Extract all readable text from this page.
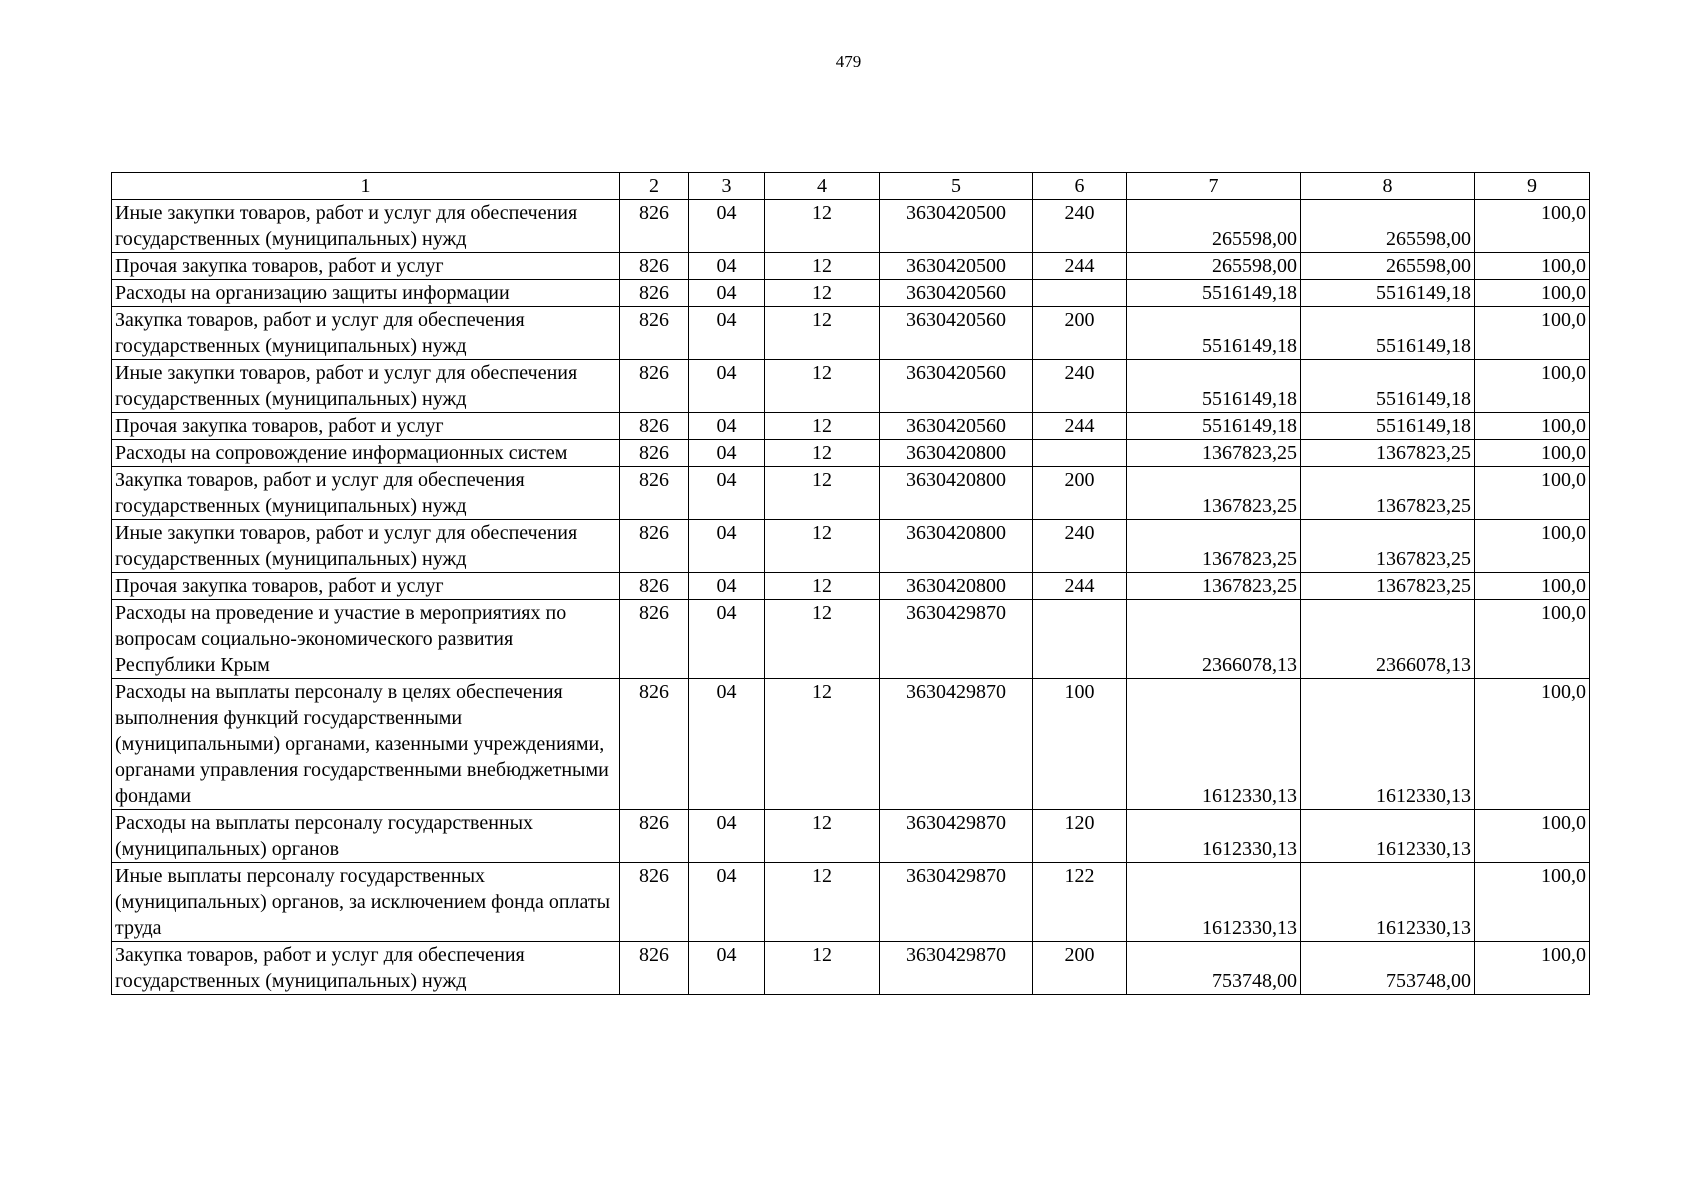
479
1	2	3	4	5	6	7	8	9
Иные закупки товаров, работ и услуг для обеспечения государственных (муниципальных) нужд	826	04	12	3630420500	240	265598,00	265598,00	100,0
Прочая закупка товаров, работ и услуг	826	04	12	3630420500	244	265598,00	265598,00	100,0
Расходы на организацию защиты информации	826	04	12	3630420560		5516149,18	5516149,18	100,0
Закупка товаров, работ и услуг для обеспечения государственных (муниципальных) нужд	826	04	12	3630420560	200	5516149,18	5516149,18	100,0
Иные закупки товаров, работ и услуг для обеспечения государственных (муниципальных) нужд	826	04	12	3630420560	240	5516149,18	5516149,18	100,0
Прочая закупка товаров, работ и услуг	826	04	12	3630420560	244	5516149,18	5516149,18	100,0
Расходы на сопровождение информационных систем	826	04	12	3630420800		1367823,25	1367823,25	100,0
Закупка товаров, работ и услуг для обеспечения государственных (муниципальных) нужд	826	04	12	3630420800	200	1367823,25	1367823,25	100,0
Иные закупки товаров, работ и услуг для обеспечения государственных (муниципальных) нужд	826	04	12	3630420800	240	1367823,25	1367823,25	100,0
Прочая закупка товаров, работ и услуг	826	04	12	3630420800	244	1367823,25	1367823,25	100,0
Расходы на проведение и участие в мероприятиях по вопросам социально-экономического развития Республики Крым	826	04	12	3630429870		2366078,13	2366078,13	100,0
Расходы на выплаты персоналу в целях обеспечения выполнения функций государственными (муниципальными) органами, казенными учреждениями, органами управления государственными внебюджетными фондами	826	04	12	3630429870	100	1612330,13	1612330,13	100,0
Расходы на выплаты персоналу государственных (муниципальных) органов	826	04	12	3630429870	120	1612330,13	1612330,13	100,0
Иные выплаты персоналу государственных (муниципальных) органов, за исключением фонда оплаты труда	826	04	12	3630429870	122	1612330,13	1612330,13	100,0
Закупка товаров, работ и услуг для обеспечения государственных (муниципальных) нужд	826	04	12	3630429870	200	753748,00	753748,00	100,0
